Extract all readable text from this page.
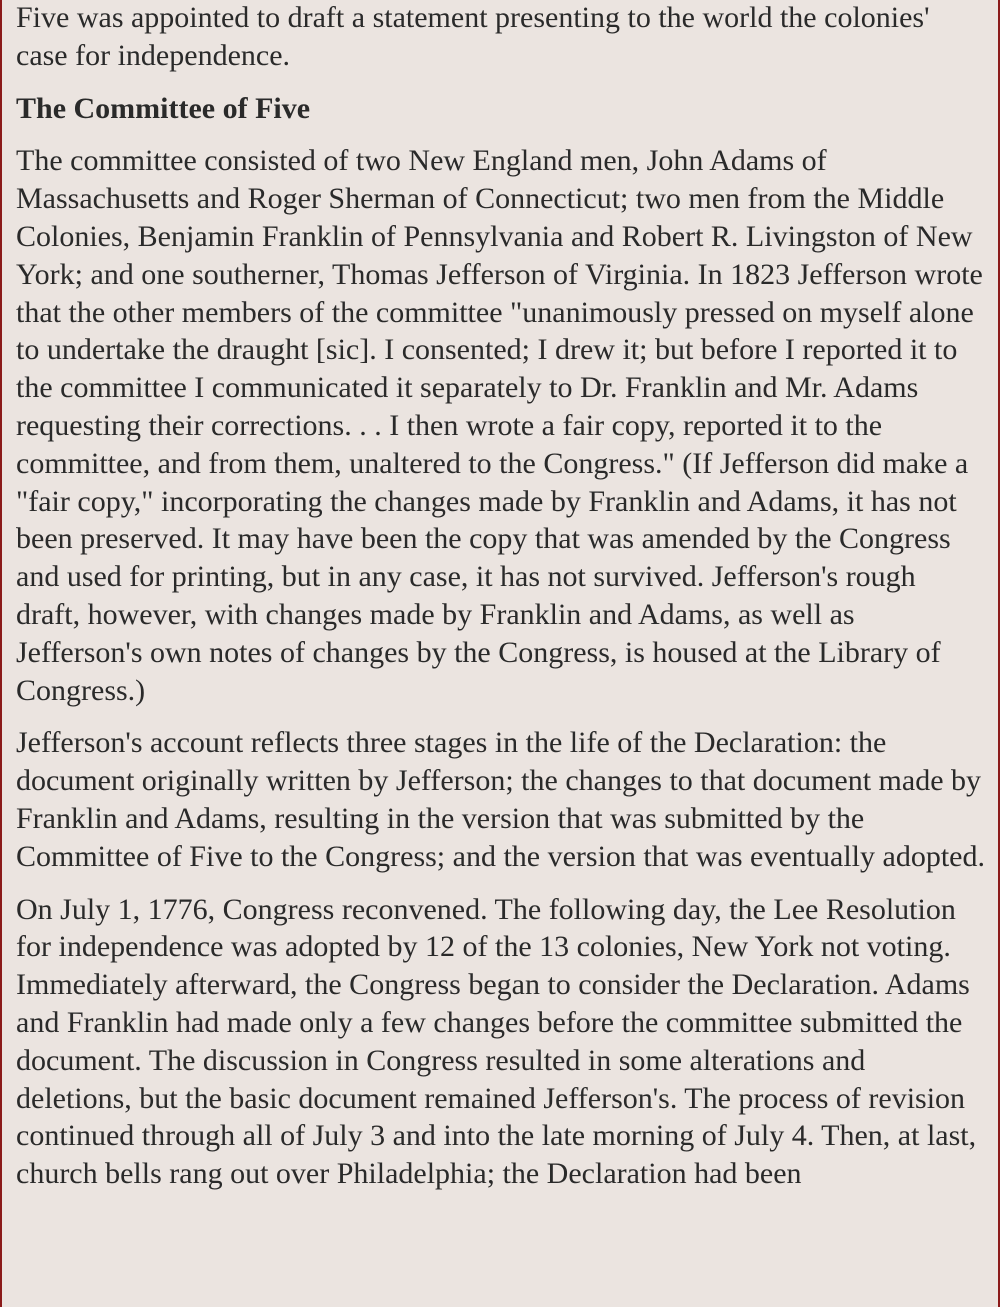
Five was appointed to draft a statement presenting to the world the colonies' case for independence.

The Committee of Five

The committee consisted of two New England men, John Adams of Massachusetts and Roger Sherman of Connecticut; two men from the Middle Colonies, Benjamin Franklin of Pennsylvania and Robert R. Livingston of New York; and one southerner, Thomas Jefferson of Virginia. In 1823 Jefferson wrote that the other members of the committee "unanimously pressed on myself alone to undertake the draught [sic]. I consented; I drew it; but before I reported it to the committee I communicated it separately to Dr. Franklin and Mr. Adams requesting their corrections. . . I then wrote a fair copy, reported it to the committee, and from them, unaltered to the Congress." (If Jefferson did make a "fair copy," incorporating the changes made by Franklin and Adams, it has not been preserved. It may have been the copy that was amended by the Congress and used for printing, but in any case, it has not survived. Jefferson's rough draft, however, with changes made by Franklin and Adams, as well as Jefferson's own notes of changes by the Congress, is housed at the Library of Congress.)

Jefferson's account reflects three stages in the life of the Declaration: the document originally written by Jefferson; the changes to that document made by Franklin and Adams, resulting in the version that was submitted by the Committee of Five to the Congress; and the version that was eventually adopted.

On July 1, 1776, Congress reconvened. The following day, the Lee Resolution for independence was adopted by 12 of the 13 colonies, New York not voting. Immediately afterward, the Congress began to consider the Declaration. Adams and Franklin had made only a few changes before the committee submitted the document. The discussion in Congress resulted in some alterations and deletions, but the basic document remained Jefferson's. The process of revision continued through all of July 3 and into the late morning of July 4. Then, at last, church bells rang out over Philadelphia; the Declaration had been
